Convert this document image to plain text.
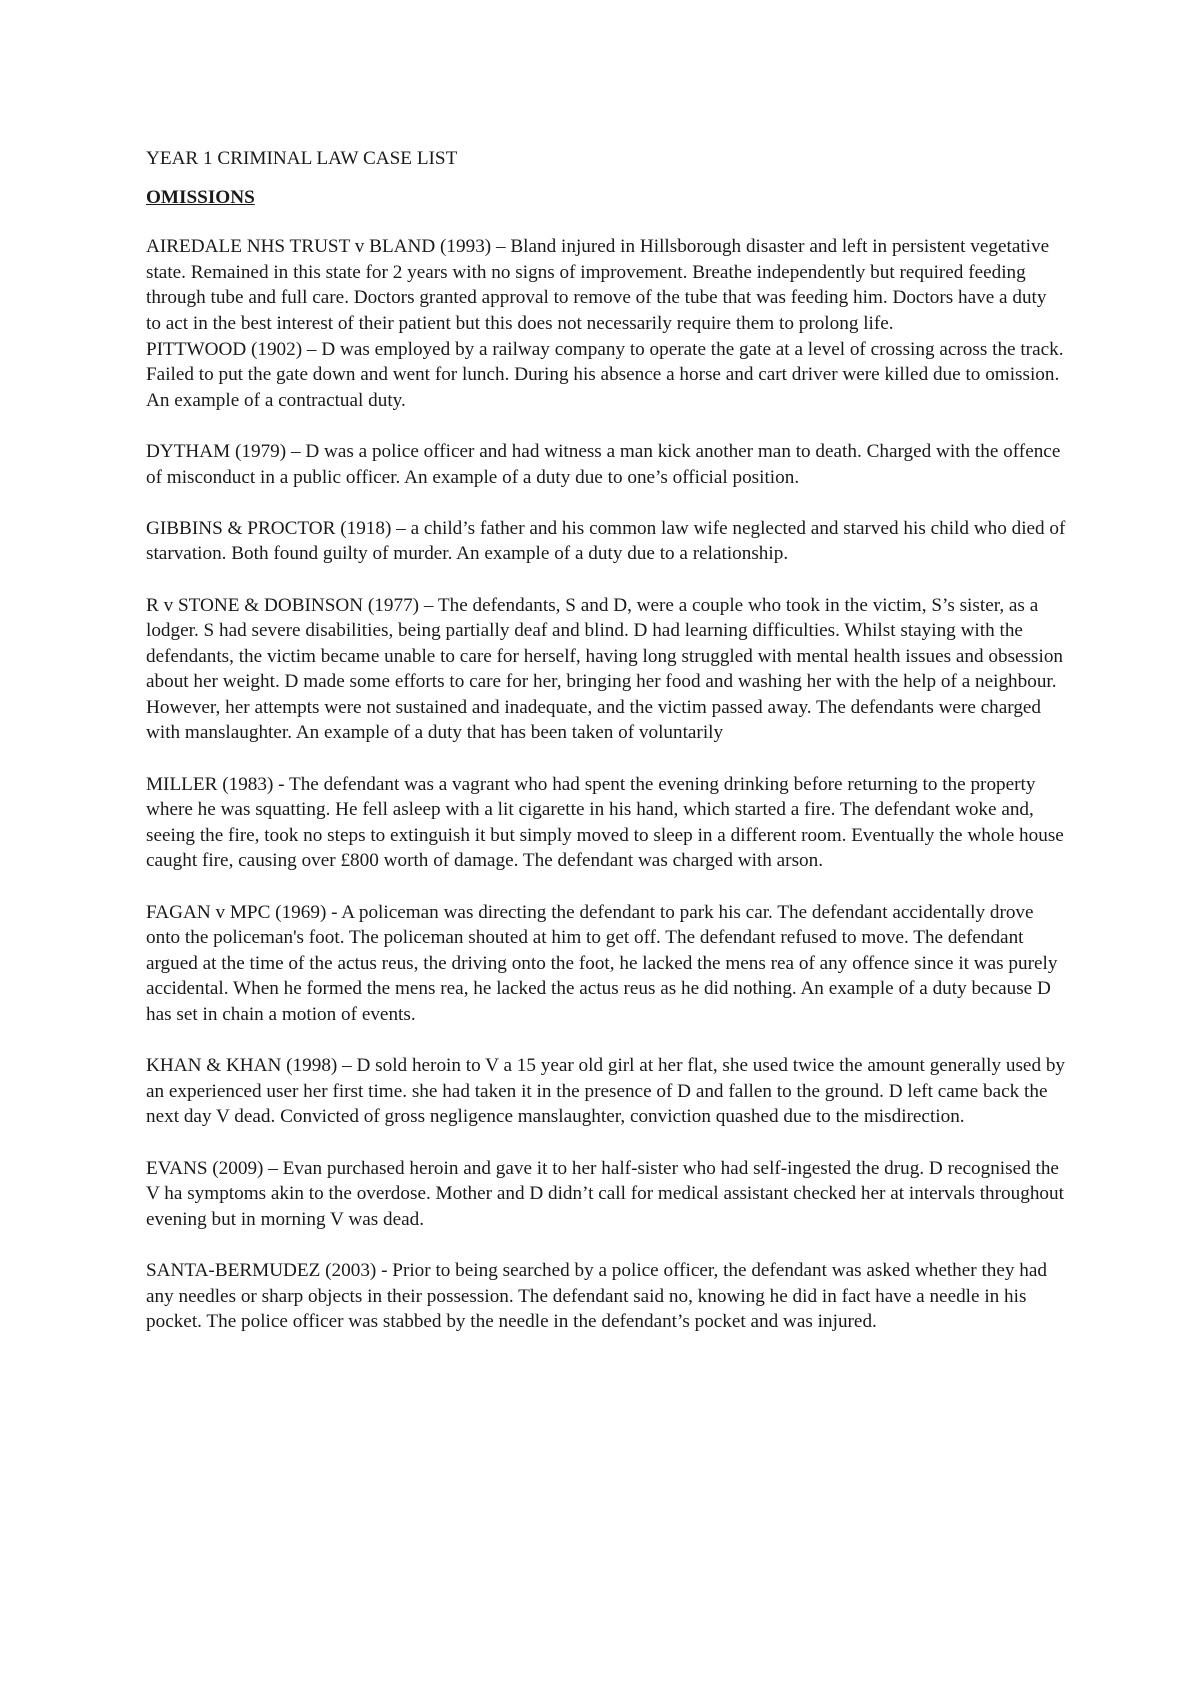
YEAR 1 CRIMINAL LAW CASE LIST
OMISSIONS
AIREDALE NHS TRUST v BLAND (1993) – Bland injured in Hillsborough disaster and left in persistent vegetative state. Remained in this state for 2 years with no signs of improvement. Breathe independently but required feeding through tube and full care. Doctors granted approval to remove of the tube that was feeding him. Doctors have a duty to act in the best interest of their patient but this does not necessarily require them to prolong life.
PITTWOOD (1902) – D was employed by a railway company to operate the gate at a level of crossing across the track. Failed to put the gate down and went for lunch. During his absence a horse and cart driver were killed due to omission. An example of a contractual duty.
DYTHAM (1979) – D was a police officer and had witness a man kick another man to death. Charged with the offence of misconduct in a public officer. An example of a duty due to one’s official position.
GIBBINS & PROCTOR (1918) – a child’s father and his common law wife neglected and starved his child who died of starvation. Both found guilty of murder. An example of a duty due to a relationship.
R v STONE & DOBINSON (1977) – The defendants, S and D, were a couple who took in the victim, S’s sister, as a lodger. S had severe disabilities, being partially deaf and blind. D had learning difficulties. Whilst staying with the defendants, the victim became unable to care for herself, having long struggled with mental health issues and obsession about her weight. D made some efforts to care for her, bringing her food and washing her with the help of a neighbour. However, her attempts were not sustained and inadequate, and the victim passed away. The defendants were charged with manslaughter. An example of a duty that has been taken of voluntarily
MILLER (1983) - The defendant was a vagrant who had spent the evening drinking before returning to the property where he was squatting. He fell asleep with a lit cigarette in his hand, which started a fire. The defendant woke and, seeing the fire, took no steps to extinguish it but simply moved to sleep in a different room. Eventually the whole house caught fire, causing over £800 worth of damage. The defendant was charged with arson.
FAGAN v MPC (1969) - A policeman was directing the defendant to park his car. The defendant accidentally drove onto the policeman's foot. The policeman shouted at him to get off. The defendant refused to move. The defendant argued at the time of the actus reus, the driving onto the foot, he lacked the mens rea of any offence since it was purely accidental. When he formed the mens rea, he lacked the actus reus as he did nothing. An example of a duty because D has set in chain a motion of events.
KHAN & KHAN (1998) – D sold heroin to V a 15 year old girl at her flat, she used twice the amount generally used by an experienced user her first time. she had taken it in the presence of D and fallen to the ground. D left came back the next day V dead. Convicted of gross negligence manslaughter, conviction quashed due to the misdirection.
EVANS (2009) – Evan purchased heroin and gave it to her half-sister who had self-ingested the drug. D recognised the V ha symptoms akin to the overdose. Mother and D didn’t call for medical assistant checked her at intervals throughout evening but in morning V was dead.
SANTA-BERMUDEZ (2003) - Prior to being searched by a police officer, the defendant was asked whether they had any needles or sharp objects in their possession. The defendant said no, knowing he did in fact have a needle in his pocket. The police officer was stabbed by the needle in the defendant’s pocket and was injured.
